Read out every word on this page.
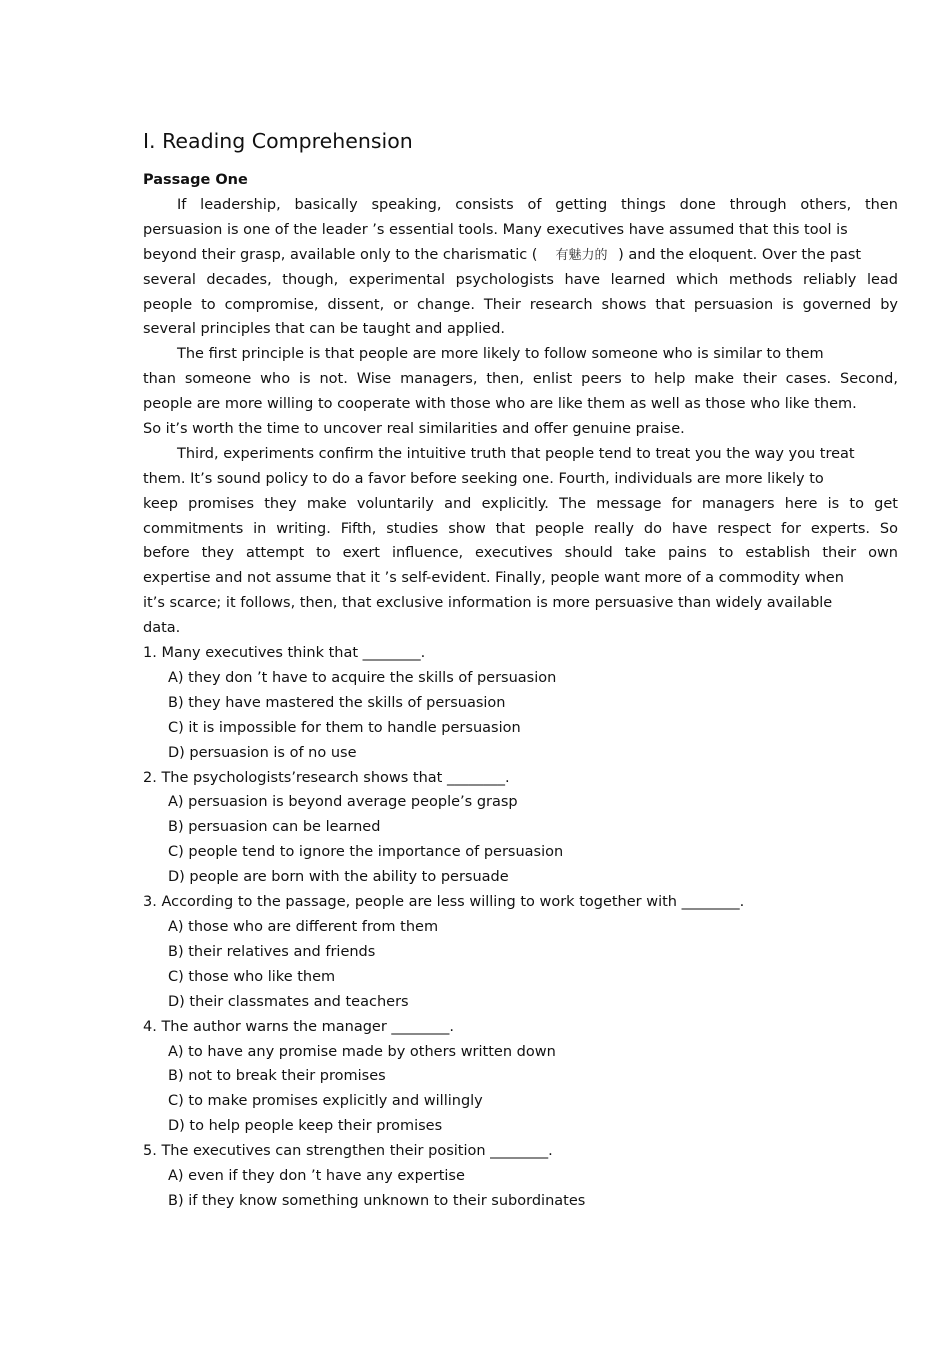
I. Reading Comprehension
Passage One

If leadership, basically speaking, consists of getting things done through others, then
persuasion is one of the leader ’s essential tools. Many executives have assumed that this tool is
beyond their grasp, available only to the charismatic ( 有魅力的 ) and the eloquent. Over the past
several decades, though, experimental psychologists have learned which methods reliably lead
people to compromise, dissent, or change. Their research shows that persuasion is governed by
several principles that can be taught and applied.

The first principle is that people are more likely to follow someone who is similar to them
than someone who is not. Wise managers, then, enlist peers to help make their cases. Second,
people are more willing to cooperate with those who are like them as well as those who like them.
So it’s worth the time to uncover real similarities and offer genuine praise.

Third, experiments confirm the intuitive truth that people tend to treat you the way you treat
them. It’s sound policy to do a favor before seeking one. Fourth, individuals are more likely to
keep promises they make voluntarily and explicitly. The message for managers here is to get
commitments in writing. Fifth, studies show that people really do have respect for experts. So
before they attempt to exert influence, executives should take pains to establish their own
expertise and not assume that it ’s self-evident. Finally, people want more of a commodity when
it’s scarce; it follows, then, that exclusive information is more persuasive than widely available
data.

1. Many executives think that ________.

A) they don ’t have to acquire the skills of persuasion

B) they have mastered the skills of persuasion

C) it is impossible for them to handle persuasion

D) persuasion is of no use

2. The psychologists’research shows that ________.

A) persuasion is beyond average people’s grasp

B) persuasion can be learned

C) people tend to ignore the importance of persuasion

D) people are born with the ability to persuade

3. According to the passage, people are less willing to work together with ________.

A) those who are different from them

B) their relatives and friends

C) those who like them

D) their classmates and teachers

4. The author warns the manager ________.

A) to have any promise made by others written down

B) not to break their promises

C) to make promises explicitly and willingly

D) to help people keep their promises

5. The executives can strengthen their position ________.

A) even if they don ’t have any expertise

B) if they know something unknown to their subordinates
